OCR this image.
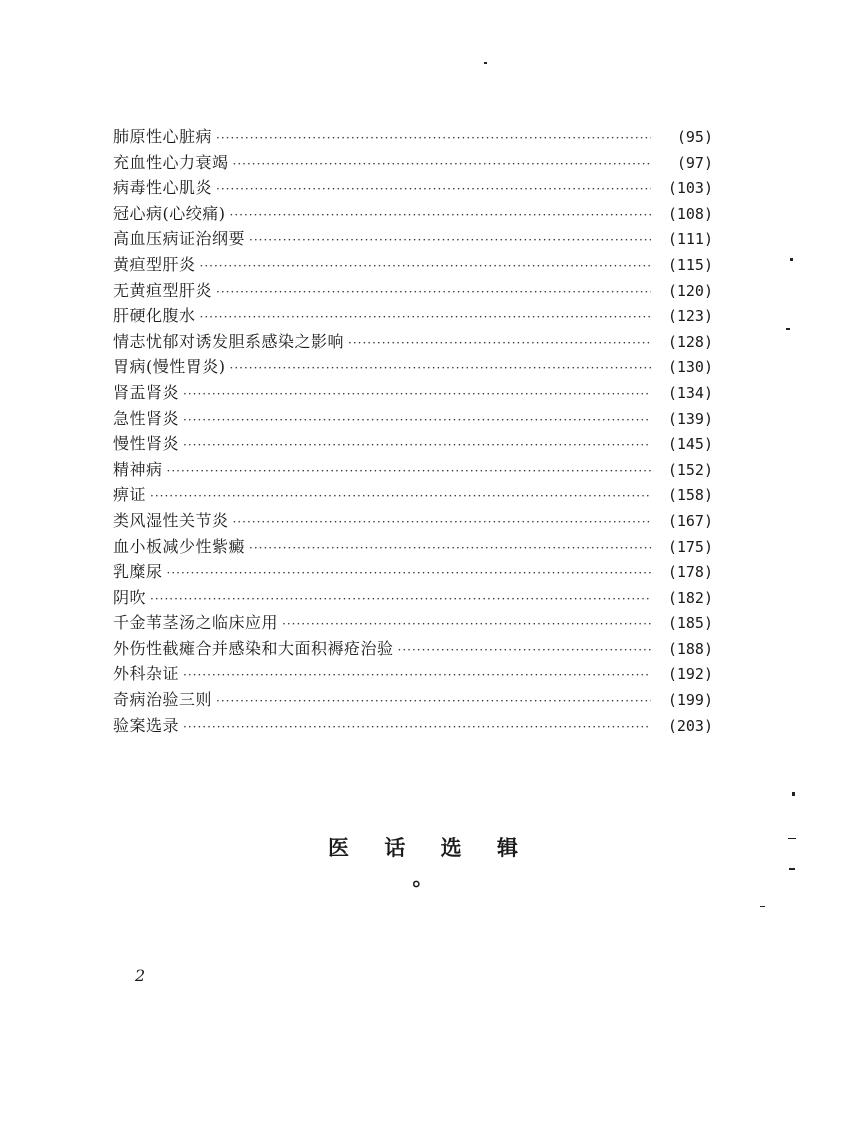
肺原性心脏病 ·····	(95)
充血性心力衰竭 ·····	(97)
病毒性心肌炎 ·····	(103)
冠心病(心绞痛) ·····	(108)
高血压病证治纲要 ·····	(111)
黄疸型肝炎 ·····	(115)
无黄疸型肝炎 ·····	(120)
肝硬化腹水 ·····	(123)
情志忧郁对诱发胆系感染之影响 ·····	(128)
胃病(慢性胃炎) ·····	(130)
肾盂肾炎 ·····	(134)
急性肾炎 ·····	(139)
慢性肾炎 ·····	(145)
精神病 ·····	(152)
痹证 ·····	(158)
类风湿性关节炎 ·····	(167)
血小板减少性紫癜 ·····	(175)
乳糜尿 ·····	(178)
阴吹 ·····	(182)
千金苇茎汤之临床应用 ·····	(185)
外伤性截瘫合并感染和大面积褥疮治验 ·····	(188)
外科杂证 ·····	(192)
奇病治验三则 ·····	(199)
验案选录 ·····	(203)
医 话 选 辑 。
2
